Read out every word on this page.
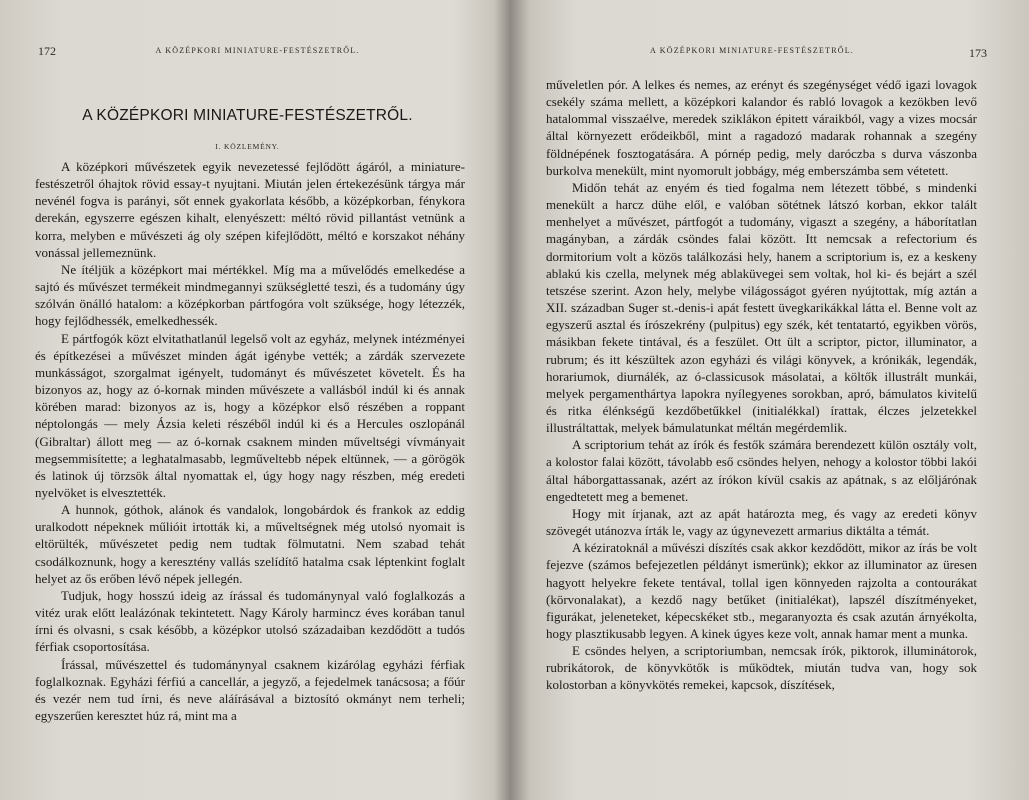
172	A KÖZÉPKORI MINIATURE-FESTÉSZETRŐL.
A KÖZÉPKORI MINIATURE-FESTÉSZETRŐL.
I. KÖZLEMÉNY.

A középkori művészetek egyik nevezetessé fejlődött ágáról, a miniature-festészetről óhajtok rövid essay-t nyujtani. Miután jelen értekezésünk tárgya már nevénél fogva is parányi, sőt ennek gyakorlata később, a középkorban, fénykora derekán, egyszerre egészen kihalt, elenyészett: méltó rövid pillantást vetnünk a korra, melyben e művészeti ág oly szépen kifejlődött, méltó e korszakot néhány vonással jellemeznünk.

Ne ítéljük a középkort mai mértékkel. Míg ma a művelődés emelkedése a sajtó és művészet termékeit mindmegannyi szükségletté teszi, és a tudomány úgy szólván önálló hatalom: a középkorban pártfogóra volt szüksége, hogy létezzék, hogy fejlődhessék, emelkedhessék.

E pártfogók közt elvitathatlanúl legelső volt az egyház, melynek intézményei és építkezései a művészet minden ágát igénybe vették; a zárdák szervezete munkásságot, szorgalmat igényelt, tudományt és művészetet követelt. És ha bizonyos az, hogy az ó-kornak minden művészete a vallásból indúl ki és annak körében marad: bizonyos az is, hogy a középkor első részében a roppant néptolongás — mely Ázsia keleti részéből indúl ki és a Hercules oszlopánál (Gibraltar) állott meg — az ó-kornak csaknem minden műveltségi vívmányait megsemmisítette; a leghatalmasabb, legműveltebb népek eltünnek, — a görögök és latinok új törzsök által nyomattak el, úgy hogy nagy részben, még eredeti nyelvöket is elvesztették.

A hunnok, góthok, alánok és vandalok, longobárdok és frankok az eddig uralkodott népeknek műlióit irtották ki, a műveltségnek még utolsó nyomait is eltörülték, művészetet pedig nem tudtak fölmutatni. Nem szabad tehát csodálkoznunk, hogy a keresztény vallás szelídítő hatalma csak léptenkint foglalt helyet az ős erőben lévő népek jellegén.

Tudjuk, hogy hosszú ideig az írással és tudománynyal való foglalkozás a vitéz urak előtt lealázónak tekintetett. Nagy Károly harmincz éves korában tanul írni és olvasni, s csak később, a középkor utolsó századaiban kezdődött a tudós férfiak csoportosítása.

Írással, művészettel és tudománynyal csaknem kizárólag egyházi férfiak foglalkoznak. Egyházi férfiú a cancellár, a jegyző, a fejedelmek tanácsosa; a főúr és vezér nem tud írni, és neve aláírásával a biztosító okmányt nem terheli; egyszerűen keresztet húz rá, mint ma a

A KÖZÉPKORI MINIATURE-FESTÉSZETRŐL.	173

műveletlen pór. A lelkes és nemes, az erényt és szegénységet védő igazi lovagok csekély száma mellett, a középkori kalandor és rabló lovagok a kezökben levő hatalommal visszaélve, meredek sziklákon épitett váraikból, vagy a vizes mocsár által környezett erődeikből, mint a ragadozó madarak rohannak a szegény földnépének fosztogatására. A pórnép pedig, mely daróczba s durva vászonba burkolva menekült, mint nyomorult jobbágy, még emberszámba sem vétetett.

Midőn tehát az enyém és tied fogalma nem létezett többé, s mindenki menekült a harcz dühe elől, e valóban sötétnek látszó korban, ekkor talált menhelyet a művészet, pártfogót a tudomány, vigaszt a szegény, a háborítatlan magányban, a zárdák csöndes falai között. Itt nemcsak a refectorium és dormitorium volt a közös találkozási hely, hanem a scriptorium is, ez a keskeny ablakú kis czella, melynek még ablaküvegei sem voltak, hol ki- és bejárt a szél tetszése szerint. Azon hely, melybe világosságot gyéren nyújtottak, míg aztán a XII. században Suger st.-denis-i apát festett üvegkarikákkal látta el. Benne volt az egyszerű asztal és írószekrény (pulpitus) egy szék, két tentatartó, egyikben vörös, másikban fekete tintával, és a feszület. Ott ült a scriptor, pictor, illuminator, a rubrum; és itt készültek azon egyházi és világi könyvek, a krónikák, legendák, horariumok, diurnálék, az ó-classicusok másolatai, a költők illustrált munkái, melyek pergamenthártya lapokra nyílegyenes sorokban, apró, bámulatos kivitelű és ritka élénkségű kezdőbetűkkel (initialékkal) írattak, élczes jelzetekkel illustráltattak, melyek bámulatunkat méltán megérdemlik.

A scriptorium tehát az írók és festők számára berendezett külön osztály volt, a kolostor falai között, távolabb eső csöndes helyen, nehogy a kolostor többi lakói által háborgattassanak, azért az írókon kívül csakis az apátnak, s az előljárónak engedtetett meg a bemenet.

Hogy mit írjanak, azt az apát határozta meg, és vagy az eredeti könyv szövegét utánozva írták le, vagy az úgynevezett armarius diktálta a témát.

A kéziratoknál a művészi díszítés csak akkor kezdődött, mikor az írás be volt fejezve (számos befejezetlen példányt ismerünk); ekkor az illuminator az üresen hagyott helyekre fekete tentával, tollal igen könnyeden rajzolta a contourákat (körvonalakat), a kezdő nagy betűket (initialékat), lapszél díszítményeket, figurákat, jeleneteket, képecskéket stb., megaranyozta és csak azután árnyékolta, hogy plasztikusabb legyen. A kinek úgyes keze volt, annak hamar ment a munka.

E csöndes helyen, a scriptoriumban, nemcsak írók, piktorok, illuminátorok, rubrikátorok, de könyvkötők is működtek, miután tudva van, hogy sok kolostorban a könyvkötés remekei, kapcsok, díszítések,
